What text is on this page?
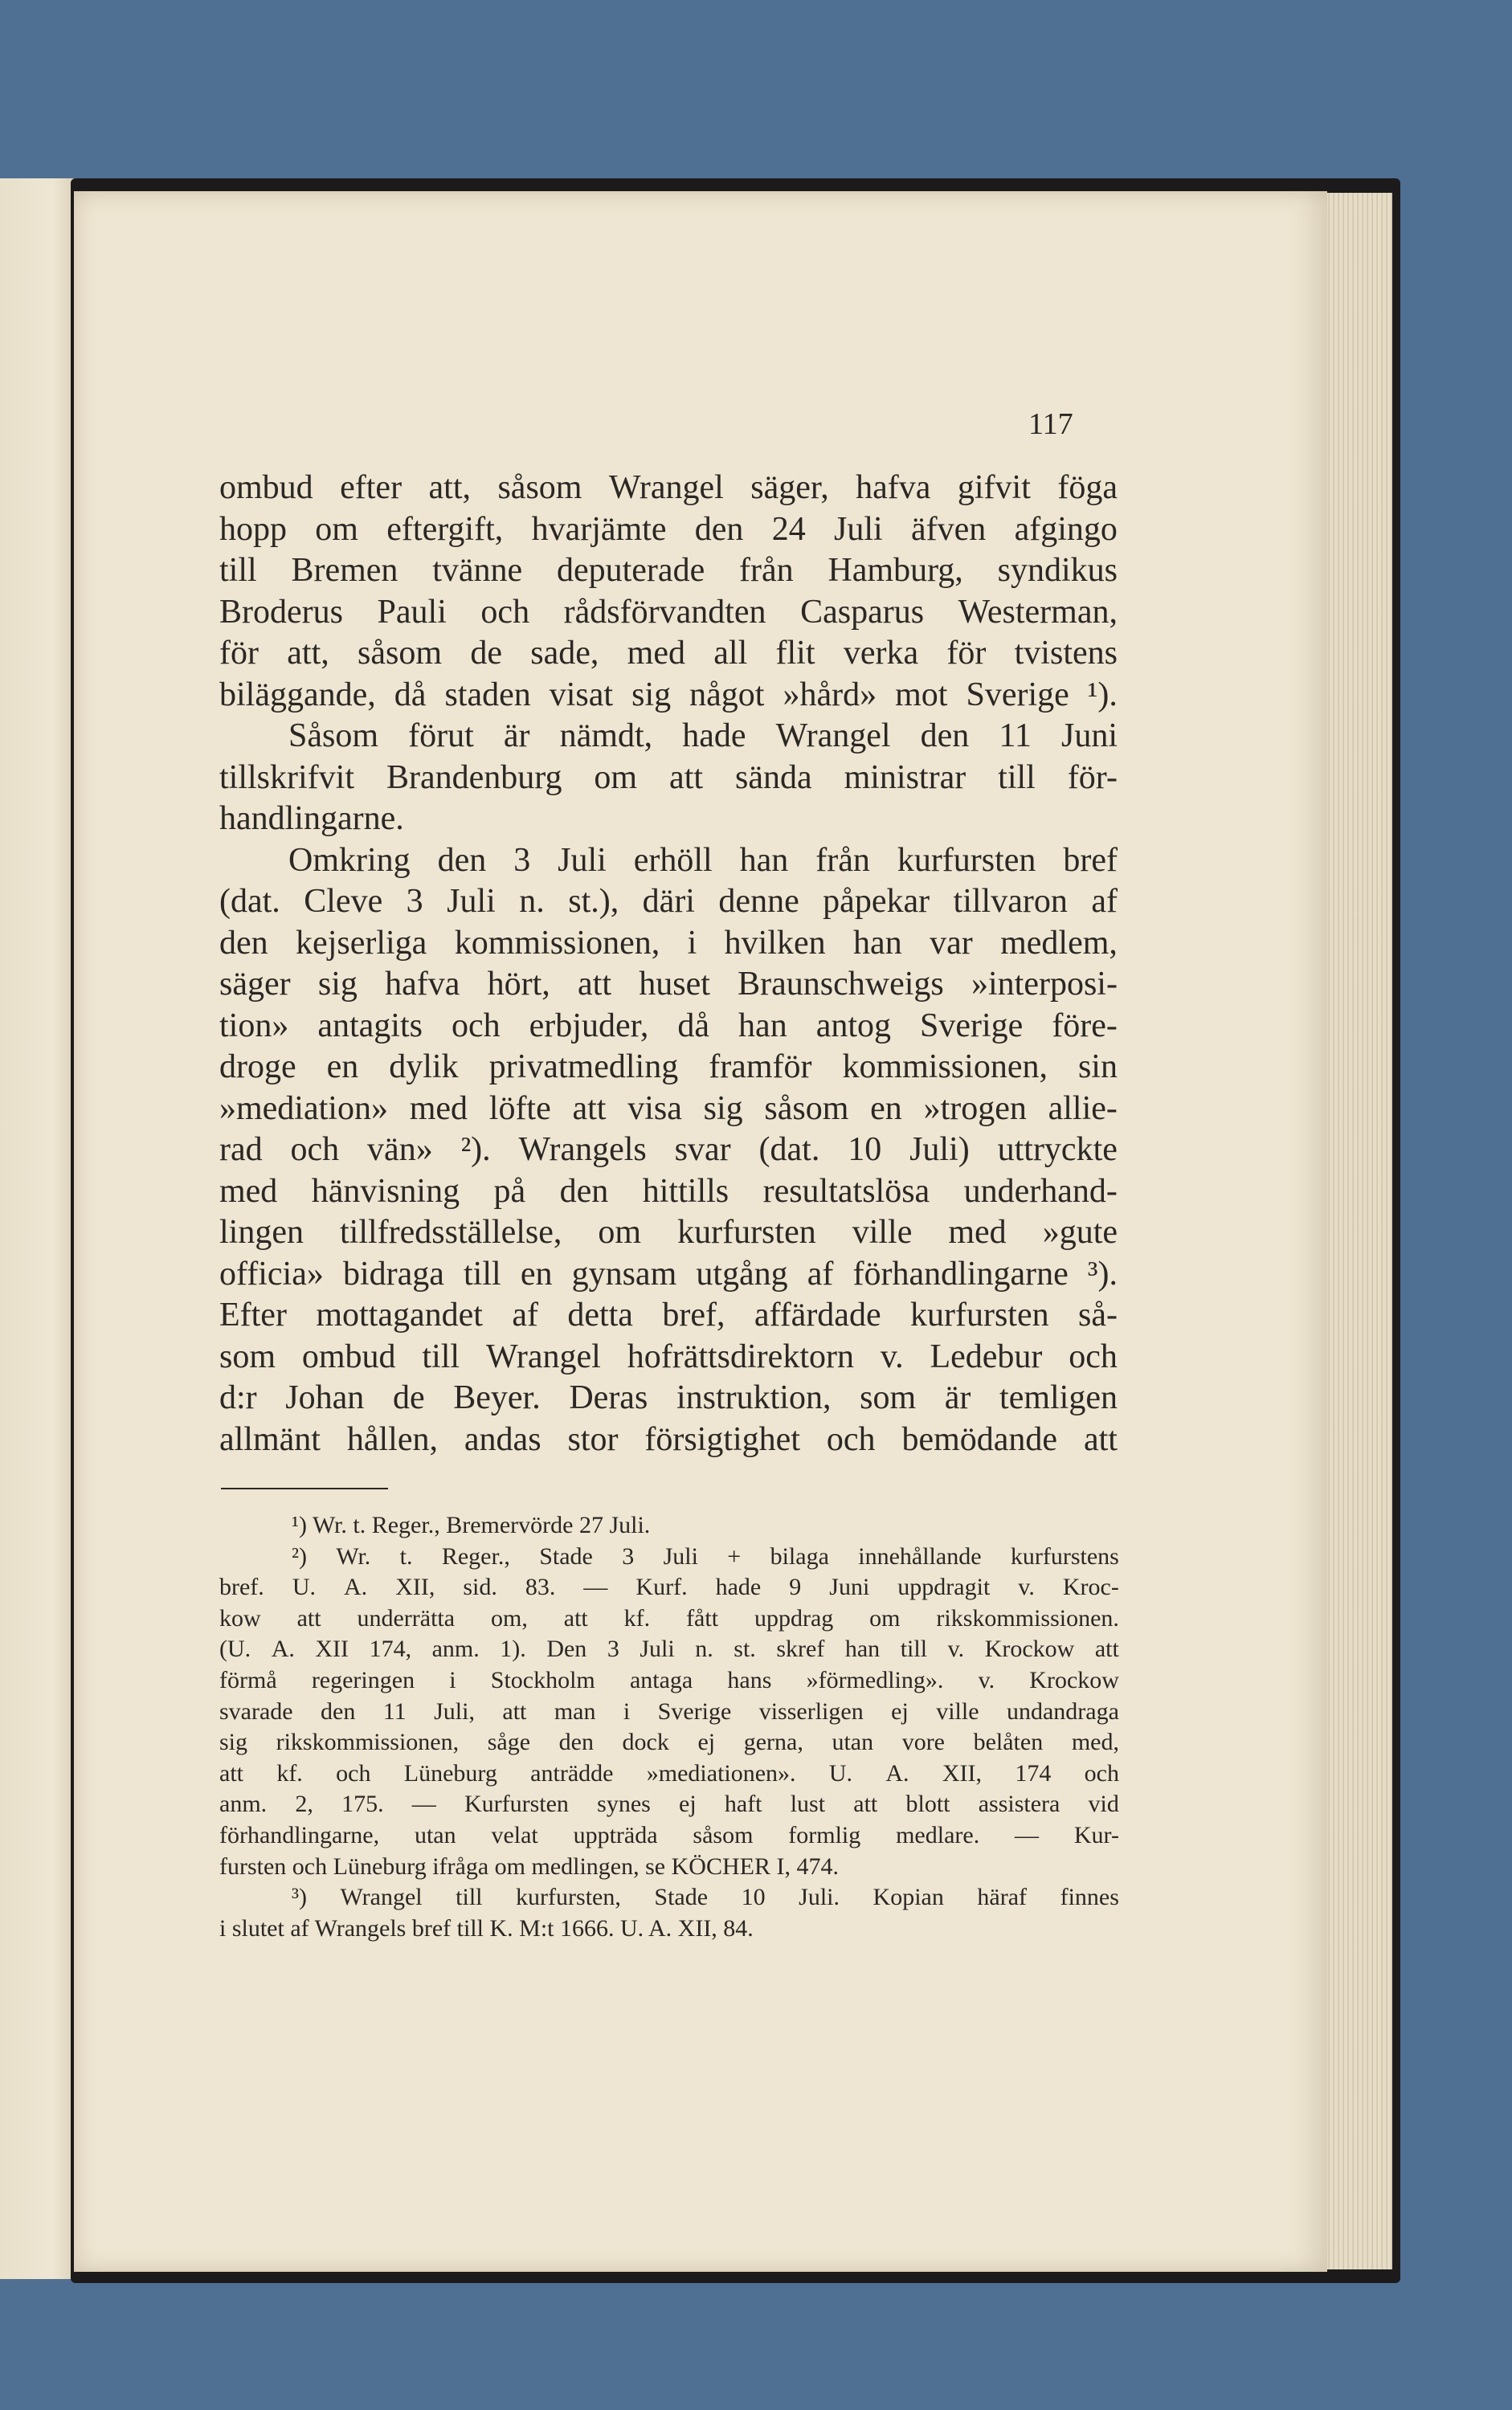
117
ombud efter att, såsom Wrangel säger, hafva gifvit föga
hopp om eftergift, hvarjämte den 24 Juli äfven afgingo
till Bremen tvänne deputerade från Hamburg, syndikus
Broderus Pauli och rådsförvandten Casparus Westerman,
för att, såsom de sade, med all flit verka för tvistens
biläggande, då staden visat sig något »hård» mot Sverige ¹).
Såsom förut är nämdt, hade Wrangel den 11 Juni
tillskrifvit Brandenburg om att sända ministrar till för-
handlingarne.
Omkring den 3 Juli erhöll han från kurfursten bref
(dat. Cleve 3 Juli n. st.), däri denne påpekar tillvaron af
den kejserliga kommissionen, i hvilken han var medlem,
säger sig hafva hört, att huset Braunschweigs »interposi-
tion» antagits och erbjuder, då han antog Sverige före-
droge en dylik privatmedling framför kommissionen, sin
»mediation» med löfte att visa sig såsom en »trogen allie-
rad och vän» ²). Wrangels svar (dat. 10 Juli) uttryckte
med hänvisning på den hittills resultatslösa underhand-
lingen tillfredsställelse, om kurfursten ville med »gute
officia» bidraga till en gynsam utgång af förhandlingarne ³).
Efter mottagandet af detta bref, affärdade kurfursten så-
som ombud till Wrangel hofrättsdirektorn v. Ledebur och
d:r Johan de Beyer. Deras instruktion, som är temligen
allmänt hållen, andas stor försigtighet och bemödande att
¹) Wr. t. Reger., Bremervörde 27 Juli.
²) Wr. t. Reger., Stade 3 Juli + bilaga innehållande kurfurstens
bref. U. A. XII, sid. 83. — Kurf. hade 9 Juni uppdragit v. Kroc-
kow att underrätta om, att kf. fått uppdrag om rikskommissionen.
(U. A. XII 174, anm. 1). Den 3 Juli n. st. skref han till v. Krockow att
förmå regeringen i Stockholm antaga hans »förmedling». v. Krockow
svarade den 11 Juli, att man i Sverige visserligen ej ville undandraga
sig rikskommissionen, såge den dock ej gerna, utan vore belåten med,
att kf. och Lüneburg anträdde »mediationen». U. A. XII, 174 och
anm. 2, 175. — Kurfursten synes ej haft lust att blott assistera vid
förhandlingarne, utan velat uppträda såsom formlig medlare. — Kur-
fursten och Lüneburg ifråga om medlingen, se KÖCHER I, 474.
³) Wrangel till kurfursten, Stade 10 Juli. Kopian häraf finnes
i slutet af Wrangels bref till K. M:t 1666. U. A. XII, 84.
